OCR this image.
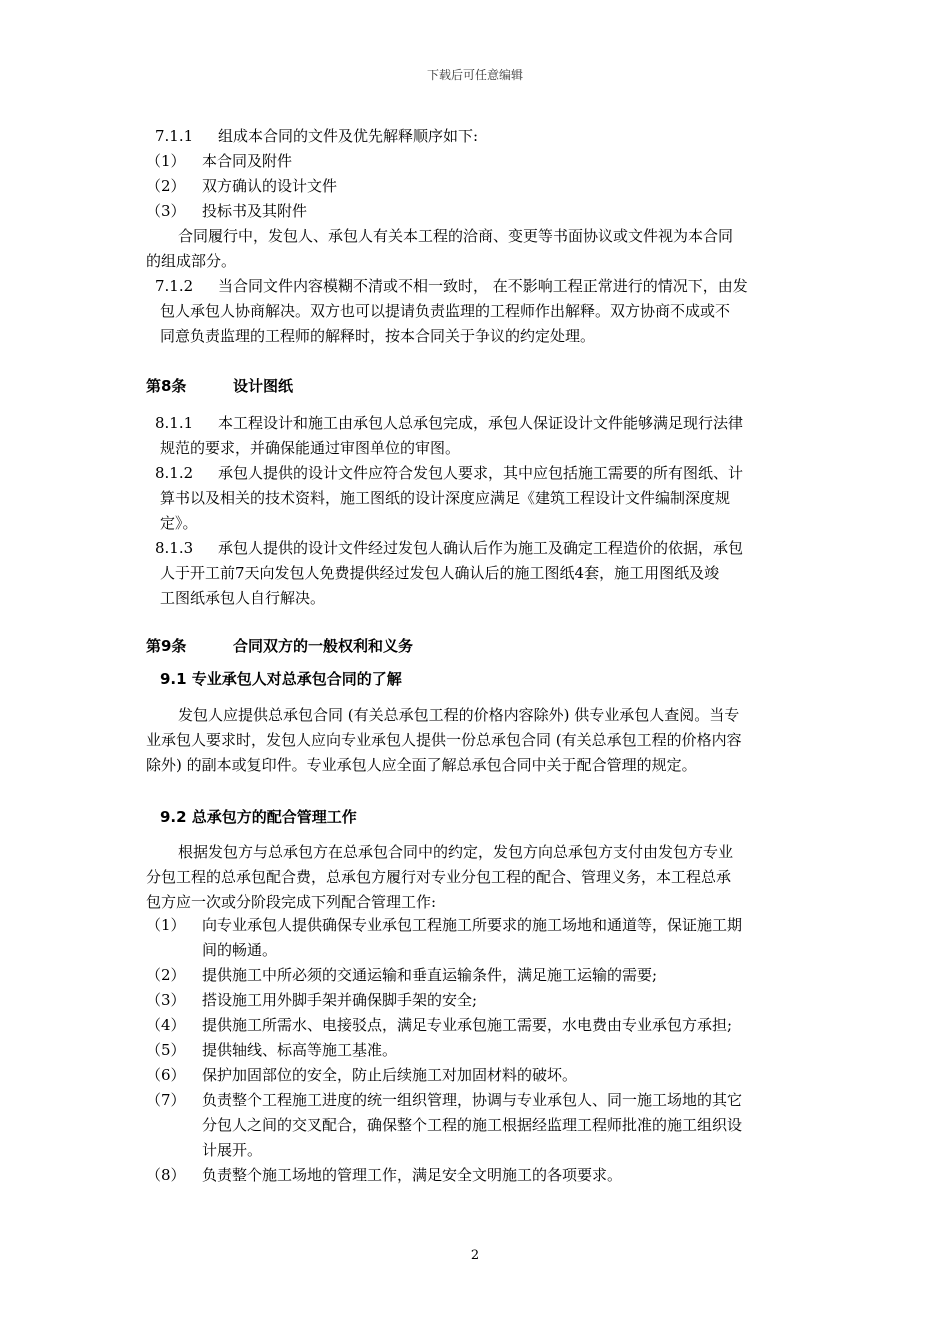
下载后可任意编辑
7.1.1 组成本合同的文件及优先解释顺序如下:
（1） 本合同及附件
（2） 双方确认的设计文件
（3） 投标书及其附件
合同履行中，发包人、承包人有关本工程的洽商、变更等书面协议或文件视为本合同
的组成部分。
7.1.2 当合同文件内容模糊不清或不相一致时， 在不影响工程正常进行的情况下，由发
包人承包人协商解决。双方也可以提请负责监理的工程师作出解释。双方协商不成或不
同意负责监理的工程师的解释时，按本合同关于争议的约定处理。
第8条	设计图纸
8.1.1 本工程设计和施工由承包人总承包完成，承包人保证设计文件能够满足现行法律
规范的要求，并确保能通过审图单位的审图。
8.1.2 承包人提供的设计文件应符合发包人要求，其中应包括施工需要的所有图纸、计
算书以及相关的技术资料，施工图纸的设计深度应满足《建筑工程设计文件编制深度规
定》。
8.1.3 承包人提供的设计文件经过发包人确认后作为施工及确定工程造价的依据，承包
人于开工前7天向发包人免费提供经过发包人确认后的施工图纸4套，施工用图纸及竣
工图纸承包人自行解决。
第9条	合同双方的一般权利和义务
9.1 专业承包人对总承包合同的了解
发包人应提供总承包合同 (有关总承包工程的价格内容除外) 供专业承包人查阅。当专
业承包人要求时，发包人应向专业承包人提供一份总承包合同 (有关总承包工程的价格内容
除外) 的副本或复印件。专业承包人应全面了解总承包合同中关于配合管理的规定。
9.2 总承包方的配合管理工作
根据发包方与总承包方在总承包合同中的约定，发包方向总承包方支付由发包方专业
分包工程的总承包配合费，总承包方履行对专业分包工程的配合、管理义务，本工程总承
包方应一次或分阶段完成下列配合管理工作:
（1） 向专业承包人提供确保专业承包工程施工所要求的施工场地和通道等，保证施工期
间的畅通。
（2） 提供施工中所必须的交通运输和垂直运输条件，满足施工运输的需要;
（3） 搭设施工用外脚手架并确保脚手架的安全;
（4） 提供施工所需水、电接驳点，满足专业承包施工需要，水电费由专业承包方承担;
（5） 提供轴线、标高等施工基准。
（6） 保护加固部位的安全，防止后续施工对加固材料的破坏。
（7） 负责整个工程施工进度的统一组织管理，协调与专业承包人、同一施工场地的其它
分包人之间的交叉配合，确保整个工程的施工根据经监理工程师批准的施工组织设
计展开。
（8） 负责整个施工场地的管理工作，满足安全文明施工的各项要求。
2
